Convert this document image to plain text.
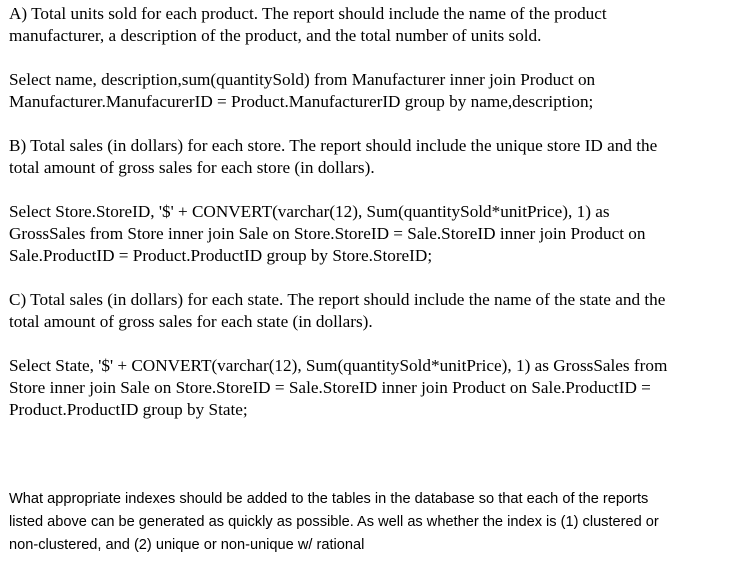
A) Total units sold for each product. The report should include the name of the product
manufacturer, a description of the product, and the total number of units sold.

Select name, description,sum(quantitySold) from Manufacturer inner join Product on
Manufacturer.ManufacurerID = Product.ManufacturerID group by name,description;

B) Total sales (in dollars) for each store. The report should include the unique store ID and the
total amount of gross sales for each store (in dollars).

Select Store.StoreID, '$' + CONVERT(varchar(12), Sum(quantitySold*unitPrice), 1) as
GrossSales from Store inner join Sale on Store.StoreID = Sale.StoreID inner join Product on
Sale.ProductID = Product.ProductID group by Store.StoreID;

C) Total sales (in dollars) for each state. The report should include the name of the state and the
total amount of gross sales for each state (in dollars).

Select State, '$' + CONVERT(varchar(12), Sum(quantitySold*unitPrice), 1) as GrossSales from
Store inner join Sale on Store.StoreID = Sale.StoreID inner join Product on Sale.ProductID =
Product.ProductID group by State;

What appropriate indexes should be added to the tables in the database so that each of the reports
listed above can be generated as quickly as possible. As well as whether the index is (1) clustered or
non-clustered, and (2) unique or non-unique w/ rational
